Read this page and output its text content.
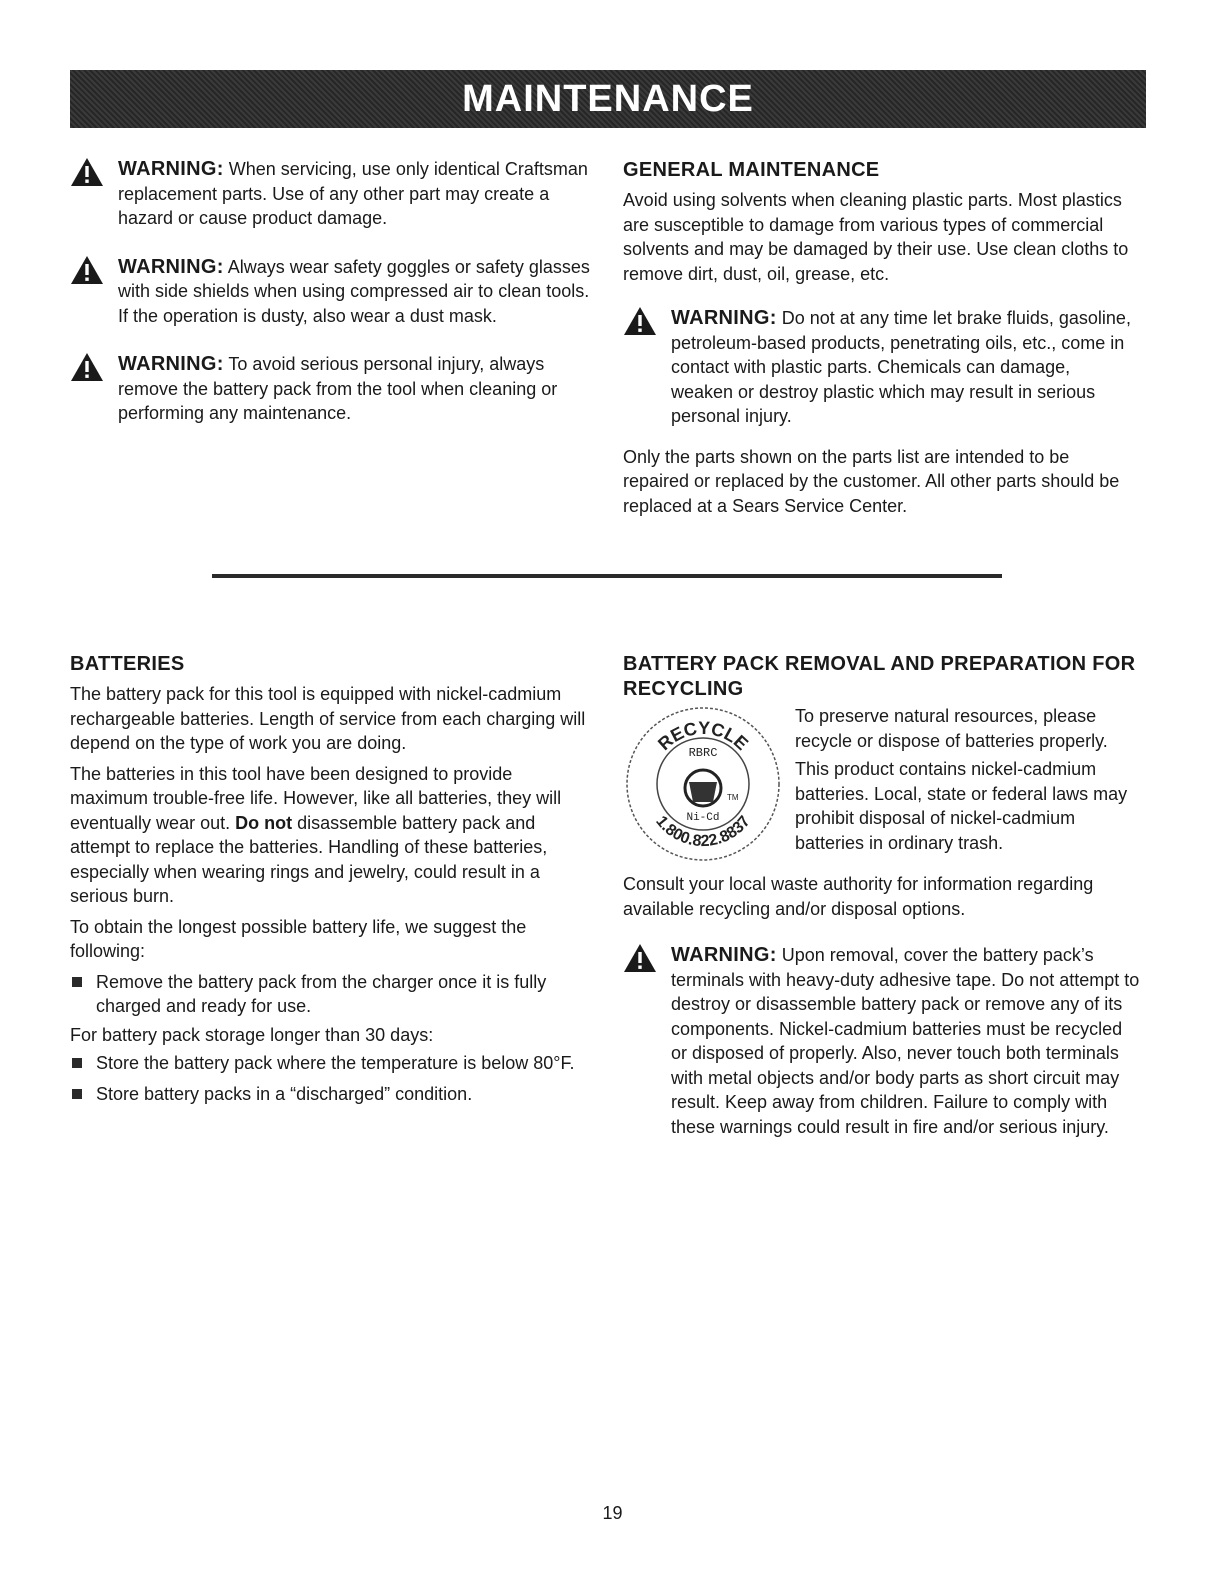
MAINTENANCE

WARNING: When servicing, use only identical Craftsman replacement parts. Use of any other part may create a hazard or cause product damage.

WARNING: Always wear safety goggles or safety glasses with side shields when using compressed air to clean tools. If the operation is dusty, also wear a dust mask.

WARNING: To avoid serious personal injury, always remove the battery pack from the tool when cleaning or performing any maintenance.

GENERAL MAINTENANCE

Avoid using solvents when cleaning plastic parts. Most plastics are susceptible to damage from various types of commercial solvents and may be damaged by their use. Use clean cloths to remove dirt, dust, oil, grease, etc.

WARNING: Do not at any time let brake fluids, gasoline, petroleum-based products, penetrating oils, etc., come in contact with plastic parts. Chemicals can damage, weaken or destroy plastic which may result in serious personal injury.

Only the parts shown on the parts list are intended to be repaired or replaced by the customer. All other parts should be replaced at a Sears Service Center.

BATTERIES

The battery pack for this tool is equipped with nickel-cadmium rechargeable batteries. Length of service from each charging will depend on the type of work you are doing.

The batteries in this tool have been designed to provide maximum trouble-free life. However, like all batteries, they will eventually wear out. Do not disassemble battery pack and attempt to replace the batteries. Handling of these batteries, especially when wearing rings and jewelry, could result in a serious burn.

To obtain the longest possible battery life, we suggest the following:

Remove the battery pack from the charger once it is fully charged and ready for use.

For battery pack storage longer than 30 days:

Store the battery pack where the temperature is below 80°F.

Store battery packs in a “discharged” condition.

BATTERY PACK REMOVAL AND PREPARATION FOR RECYCLING

RECYCLE
RBRC
TM
Ni-Cd
1.800.822.8837

To preserve natural resources, please recycle or dispose of batteries properly.

This product contains nickel-cadmium batteries. Local, state or federal laws may prohibit disposal of nickel-cadmium batteries in ordinary trash.

Consult your local waste authority for information regarding available recycling and/or disposal options.

WARNING: Upon removal, cover the battery pack’s terminals with heavy-duty adhesive tape. Do not attempt to destroy or disassemble battery pack or remove any of its components. Nickel-cadmium batteries must be recycled or disposed of properly. Also, never touch both terminals with metal objects and/or body parts as short circuit may result. Keep away from children. Failure to comply with these warnings could result in fire and/or serious injury.

19
